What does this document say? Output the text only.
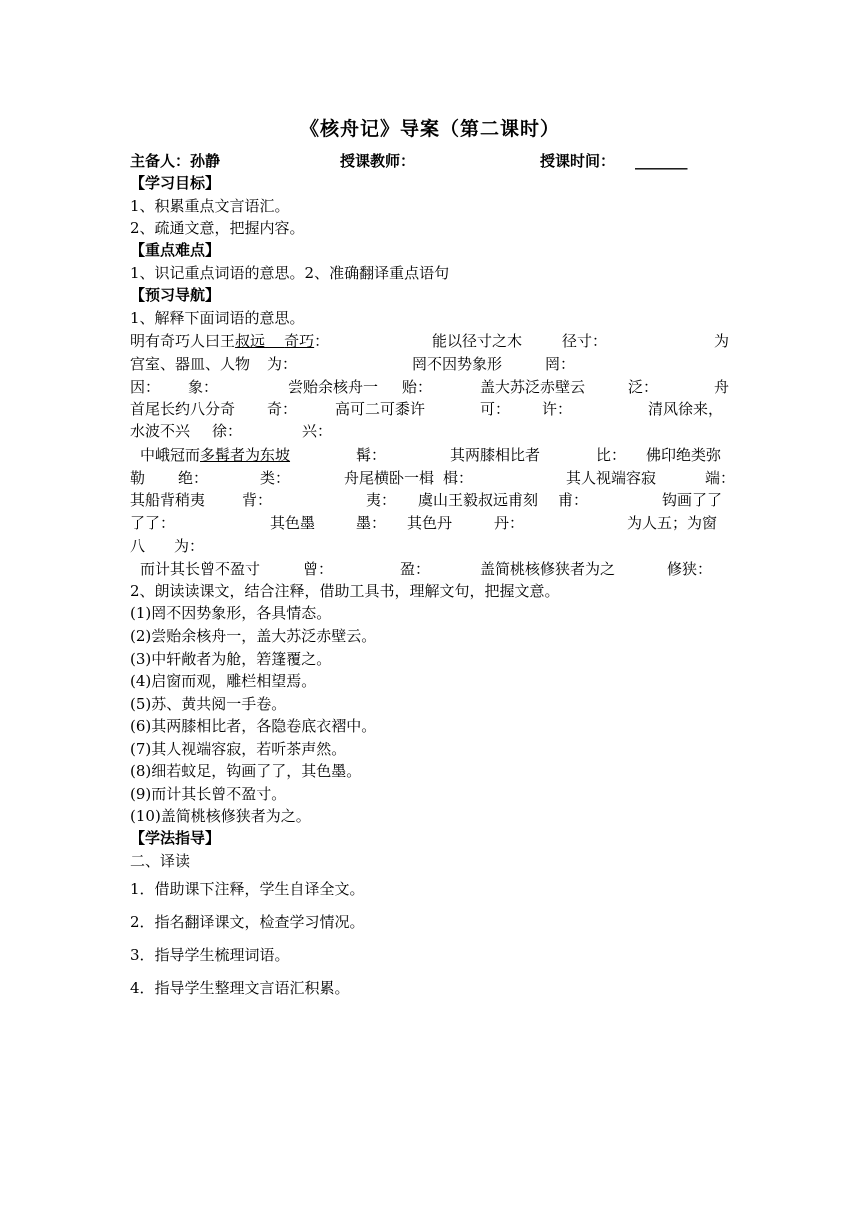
《核舟记》导案（第二课时）
主备人：孙静	授课教师：	授课时间： _______
【学习目标】
1、积累重点文言语汇。
2、疏通文意，把握内容。
【重点难点】
1、识记重点词语的意思。2、准确翻译重点语句
【预习导航】
1、解释下面词语的意思。
明有奇巧人曰王叔远 奇巧：	能以径寸之木	径寸：	为
宫室、器皿、人物 为：	罔不因势象形	罔：
因： 象：	尝贻余核舟一 贻：	盖大苏泛赤壁云	泛：	舟
首尾长约八分奇 奇：	高可二可黍许	可： 许：	清风徐来，
水波不兴 徐：	兴：
中峨冠而多髯者为东坡	髯：	其两膝相比者	比： 佛印绝类弥
勒 绝：	类：	舟尾横卧一楫 楫：	其人视端容寂	端：
其船背稍夷 背：	夷： 虞山王毅叔远甫刻 甫：	钩画了了
了了：	其色墨	墨： 其色丹	丹：	为人五；为窗
八 为：
而计其长曾不盈寸	曾：	盈：	盖简桃核修狭者为之	修狭：
2、朗读读课文，结合注释，借助工具书，理解文句，把握文意。
(1)罔不因势象形，各具情态。
(2)尝贻余核舟一，盖大苏泛赤壁云。
(3)中轩敞者为舱，箬篷覆之。
(4)启窗而观，雕栏相望焉。
(5)苏、黄共阅一手卷。
(6)其两膝相比者，各隐卷底衣褶中。
(7)其人视端容寂，若听茶声然。
(8)细若蚊足，钩画了了，其色墨。
(9)而计其长曾不盈寸。
(10)盖简桃核修狭者为之。
【学法指导】
二、译读
1．借助课下注释，学生自译全文。
2．指名翻译课文，检查学习情况。
3．指导学生梳理词语。
4．指导学生整理文言语汇积累。
